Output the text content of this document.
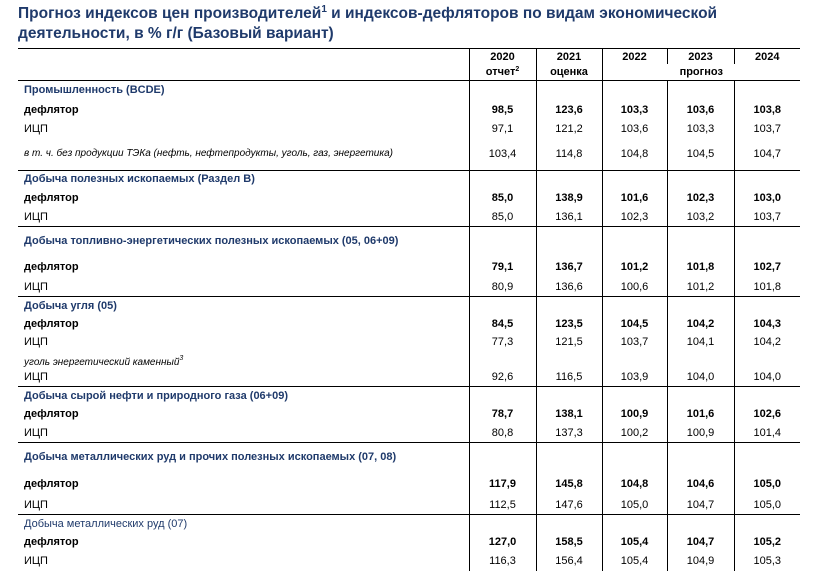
Прогноз индексов цен производителей$^1$ и индексов-дефляторов по видам экономической
деятельности, в % г/г (Базовый вариант)
	2020	2021	2022	2023	2024
	отчет$^2$	оценка	прогноз		
Промышленность (BCDE)					
дефлятор	98,5	123,6	103,3	103,6	103,8
ИЦП	97,1	121,2	103,6	103,3	103,7
в т. ч. без продукции ТЭКа (нефть, нефтепродукты, уголь, газ, энергетика)	103,4	114,8	104,8	104,5	104,7
Добыча полезных ископаемых (Раздел B)					
дефлятор	85,0	138,9	101,6	102,3	103,0
ИЦП	85,0	136,1	102,3	103,2	103,7
Добыча топливно-энергетических полезных ископаемых (05, 06+09)					
дефлятор	79,1	136,7	101,2	101,8	102,7
ИЦП	80,9	136,6	100,6	101,2	101,8
Добыча угля (05)					
дефлятор	84,5	123,5	104,5	104,2	104,3
ИЦП	77,3	121,5	103,7	104,1	104,2
уголь энергетический каменный$^3$					
ИЦП	92,6	116,5	103,9	104,0	104,0
Добыча сырой нефти и природного газа (06+09)					
дефлятор	78,7	138,1	100,9	101,6	102,6
ИЦП	80,8	137,3	100,2	100,9	101,4
Добыча металлических руд и прочих полезных ископаемых (07, 08)					
дефлятор	117,9	145,8	104,8	104,6	105,0
ИЦП	112,5	147,6	105,0	104,7	105,0
Добыча металлических руд (07)					
дефлятор	127,0	158,5	105,4	104,7	105,2
ИЦП	116,3	156,4	105,4	104,9	105,3
